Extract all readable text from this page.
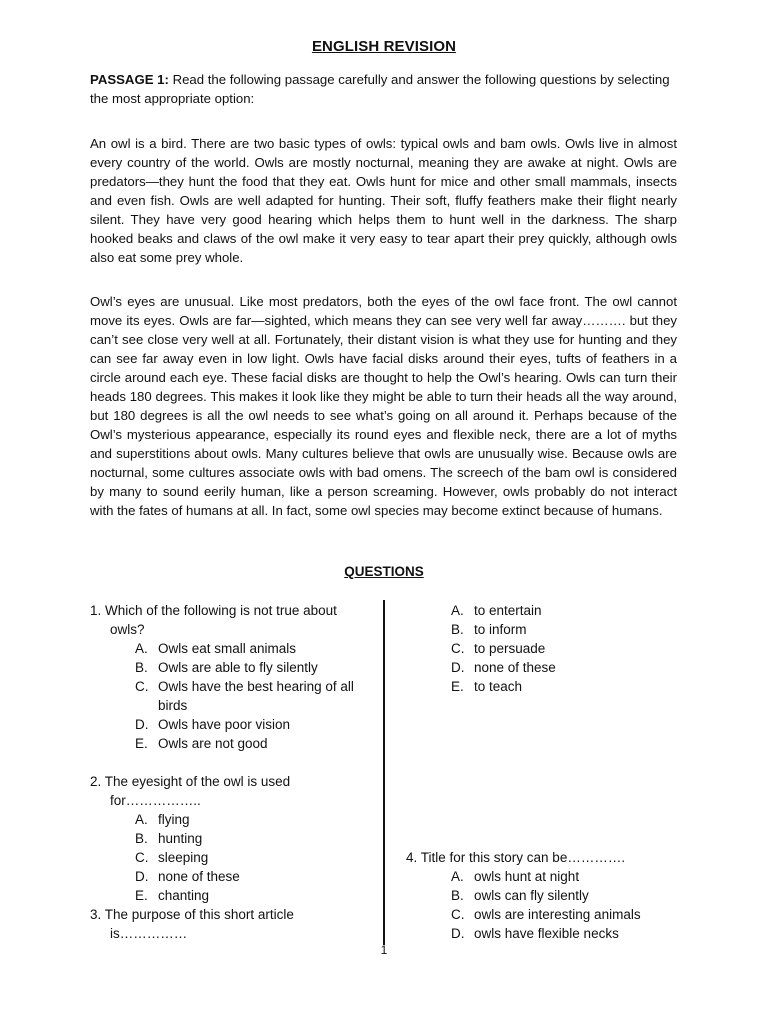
ENGLISH REVISION

PASSAGE 1: Read the following passage carefully and answer the following questions by selecting the most appropriate option:

An owl is a bird. There are two basic types of owls: typical owls and bam owls. Owls live in almost every country of the world. Owls are mostly nocturnal, meaning they are awake at night. Owls are predators—they hunt the food that they eat. Owls hunt for mice and other small mammals, insects and even fish. Owls are well adapted for hunting. Their soft, fluffy feathers make their flight nearly silent. They have very good hearing which helps them to hunt well in the darkness. The sharp hooked beaks and claws of the owl make it very easy to tear apart their prey quickly, although owls also eat some prey whole.

Owl’s eyes are unusual. Like most predators, both the eyes of the owl face front. The owl cannot move its eyes. Owls are far—sighted, which means they can see very well far away………. but they can’t see close very well at all. Fortunately, their distant vision is what they use for hunting and they can see far away even in low light. Owls have facial disks around their eyes, tufts of feathers in a circle around each eye. These facial disks are thought to help the Owl’s hearing. Owls can turn their heads 180 degrees. This makes it look like they might be able to turn their heads all the way around, but 180 degrees is all the owl needs to see what’s going on all around it. Perhaps because of the Owl’s mysterious appearance, especially its round eyes and flexible neck, there are a lot of myths and superstitions about owls. Many cultures believe that owls are unusually wise. Because owls are nocturnal, some cultures associate owls with bad omens. The screech of the bam owl is considered by many to sound eerily human, like a person screaming. However, owls probably do not interact with the fates of humans at all. In fact, some owl species may become extinct because of humans.

QUESTIONS
1. Which of the following is not true about
owls?
A. Owls eat small animals
B. Owls are able to fly silently
C. Owls have the best hearing of all
birds
D. Owls have poor vision
E. Owls are not good
2. The eyesight of the owl is used
for……………..
A. flying
B. hunting
C. sleeping
D. none of these
E. chanting
3. The purpose of this short article
is……………
A. to entertain
B. to inform
C. to persuade
D. none of these
E. to teach
4. Title for this story can be………….
A. owls hunt at night
B. owls can fly silently
C. owls are interesting animals
D. owls have flexible necks
1
